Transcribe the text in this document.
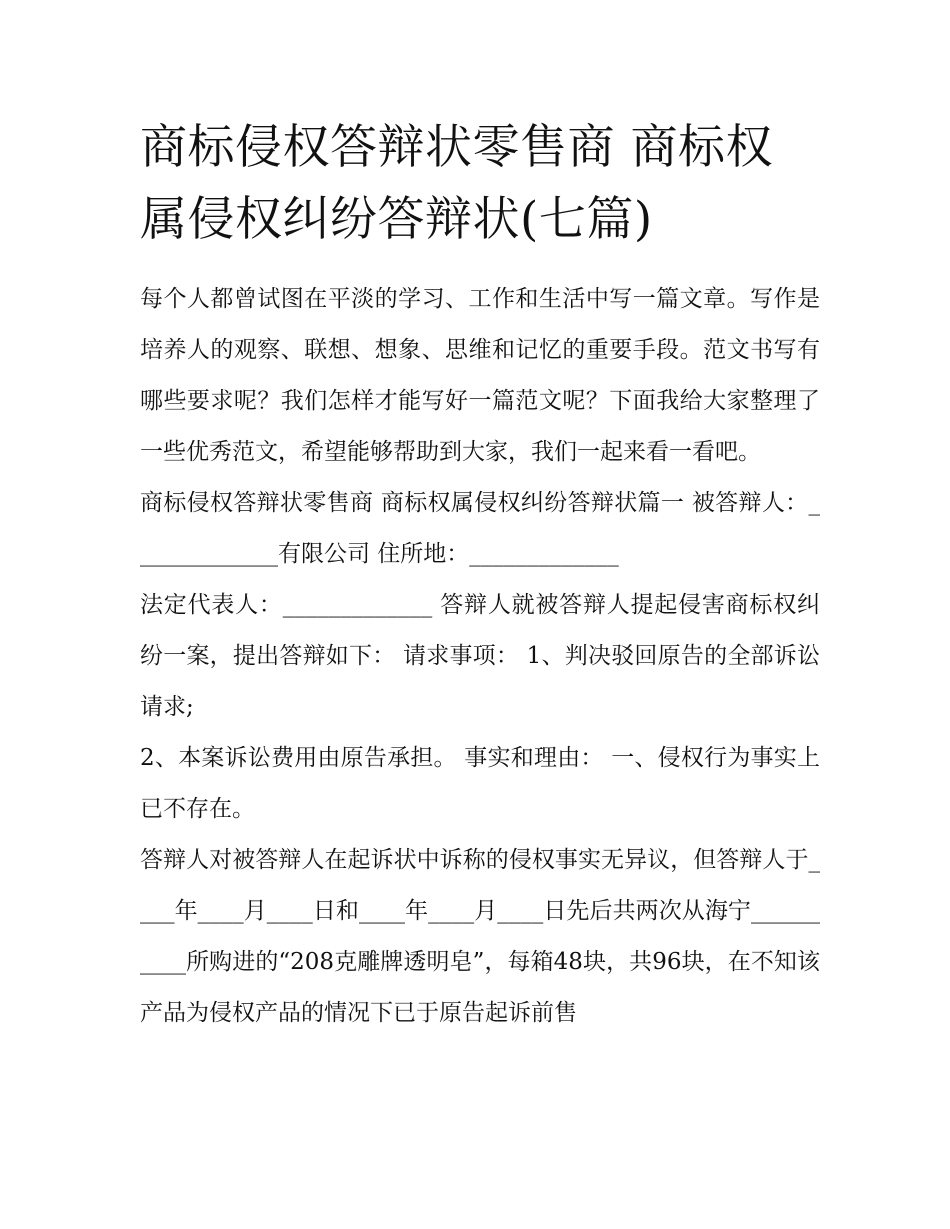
商标侵权答辩状零售商 商标权属侵权纠纷答辩状(七篇)

每个人都曾试图在平淡的学习、工作和生活中写一篇文章。写作是培养人的观察、联想、想象、思维和记忆的重要手段。范文书写有哪些要求呢？我们怎样才能写好一篇范文呢？下面我给大家整理了一些优秀范文，希望能够帮助到大家，我们一起来看一看吧。

商标侵权答辩状零售商 商标权属侵权纠纷答辩状篇一 被答辩人：_____________有限公司 住所地：_____________

法定代表人：_____________ 答辩人就被答辩人提起侵害商标权纠纷一案，提出答辩如下： 请求事项： 1、判决驳回原告的全部诉讼请求;

2、本案诉讼费用由原告承担。 事实和理由： 一、侵权行为事实上已不存在。

答辩人对被答辩人在起诉状中诉称的侵权事实无异议，但答辩人于____年____月____日和____年____月____日先后共两次从海宁__________所购进的“208克雕牌透明皂”，每箱48块，共96块，在不知该产品为侵权产品的情况下已于原告起诉前售
